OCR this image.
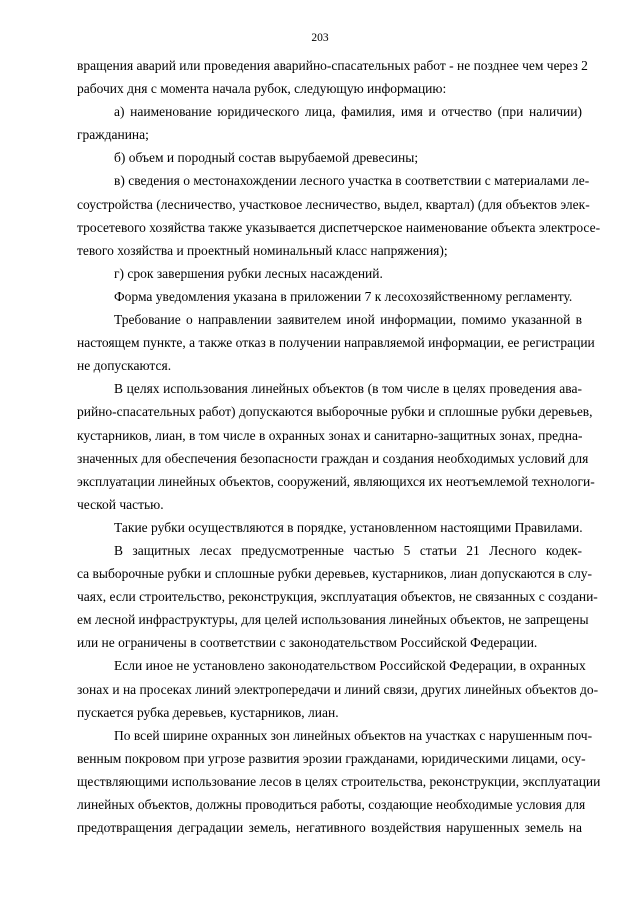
203
вращения аварий или проведения аварийно-спасательных работ - не позднее чем через 2
рабочих дня с момента начала рубок, следующую информацию:
а) наименование юридического лица, фамилия, имя и отчество (при наличии)
гражданина;
б) объем и породный состав вырубаемой древесины;
в) сведения о местонахождении лесного участка в соответствии с материалами ле-
соустройства (лесничество, участковое лесничество, выдел, квартал) (для объектов элек-
тросетевого хозяйства также указывается диспетчерское наименование объекта электросе-
тевого хозяйства и проектный номинальный класс напряжения);
г) срок завершения рубки лесных насаждений.
Форма уведомления указана в приложении 7 к лесохозяйственному регламенту.
Требование о направлении заявителем иной информации, помимо указанной в
настоящем пункте, а также отказ в получении направляемой информации, ее регистрации
не допускаются.
В целях использования линейных объектов (в том числе в целях проведения ава-
рийно-спасательных работ) допускаются выборочные рубки и сплошные рубки деревьев,
кустарников, лиан, в том числе в охранных зонах и санитарно-защитных зонах, предна-
значенных для обеспечения безопасности граждан и создания необходимых условий для
эксплуатации линейных объектов, сооружений, являющихся их неотъемлемой технологи-
ческой частью.
Такие рубки осуществляются в порядке, установленном настоящими Правилами.
В защитных лесах предусмотренные частью 5 статьи 21 Лесного кодек-
са выборочные рубки и сплошные рубки деревьев, кустарников, лиан допускаются в слу-
чаях, если строительство, реконструкция, эксплуатация объектов, не связанных с создани-
ем лесной инфраструктуры, для целей использования линейных объектов, не запрещены
или не ограничены в соответствии с законодательством Российской Федерации.
Если иное не установлено законодательством Российской Федерации, в охранных
зонах и на просеках линий электропередачи и линий связи, других линейных объектов до-
пускается рубка деревьев, кустарников, лиан.
По всей ширине охранных зон линейных объектов на участках с нарушенным поч-
венным покровом при угрозе развития эрозии гражданами, юридическими лицами, осу-
ществляющими использование лесов в целях строительства, реконструкции, эксплуатации
линейных объектов, должны проводиться работы, создающие необходимые условия для
предотвращения деградации земель, негативного воздействия нарушенных земель на
